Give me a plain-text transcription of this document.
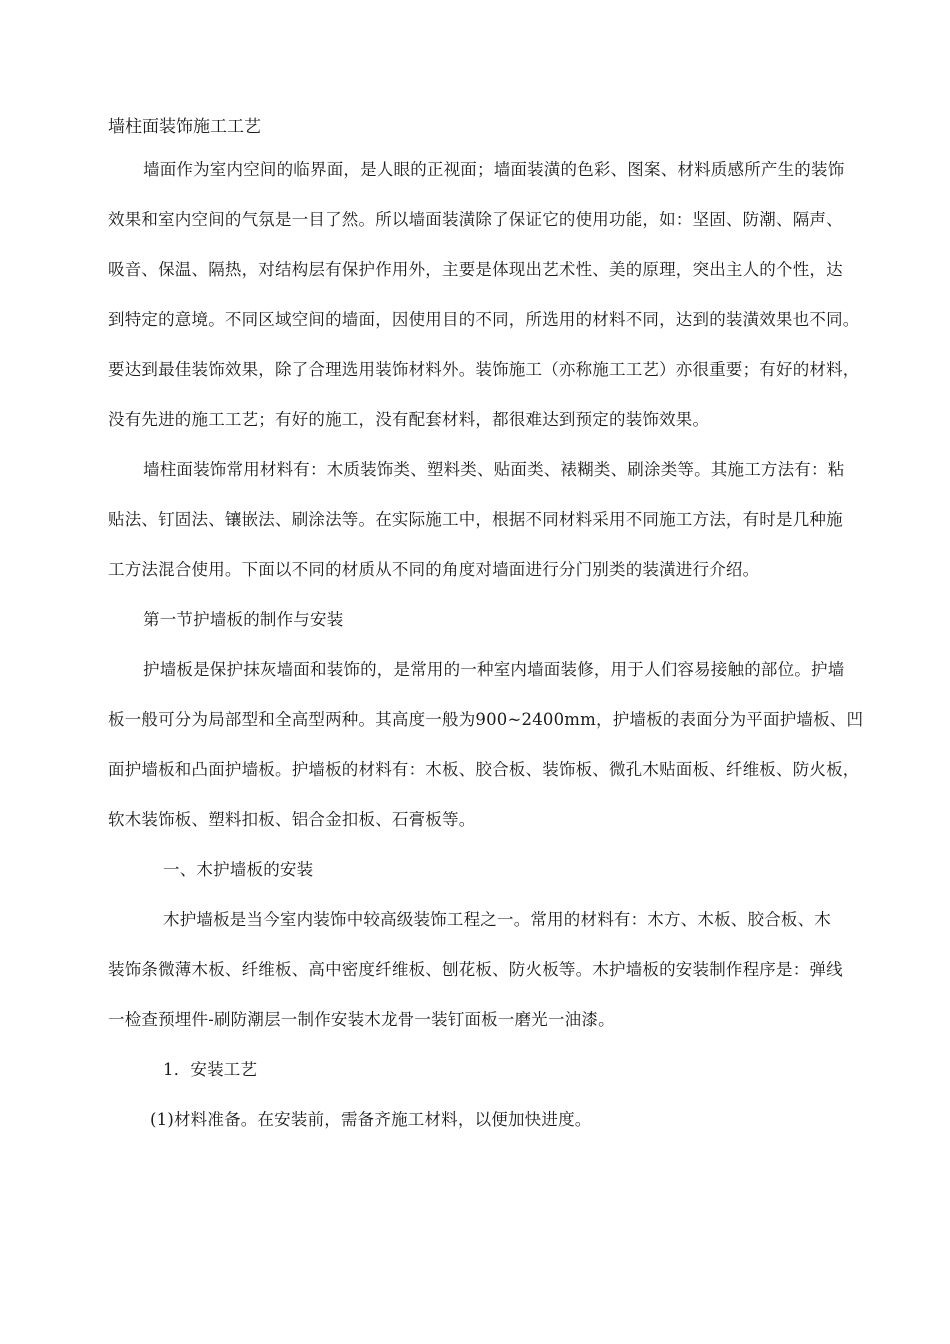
墙柱面装饰施工工艺
墙面作为室内空间的临界面，是人眼的正视面；墙面装潢的色彩、图案、材料质感所产生的装饰
效果和室内空间的气氛是一目了然。所以墙面装潢除了保证它的使用功能，如：坚固、防潮、隔声、
吸音、保温、隔热，对结构层有保护作用外，主要是体现出艺术性、美的原理，突出主人的个性，达
到特定的意境。不同区域空间的墙面，因使用目的不同，所选用的材料不同，达到的装潢效果也不同。
要达到最佳装饰效果，除了合理选用装饰材料外。装饰施工（亦称施工工艺）亦很重要；有好的材料，
没有先进的施工工艺；有好的施工，没有配套材料，都很难达到预定的装饰效果。
墙柱面装饰常用材料有：木质装饰类、塑料类、贴面类、裱糊类、刷涂类等。其施工方法有：粘
贴法、钉固法、镶嵌法、刷涂法等。在实际施工中，根据不同材料采用不同施工方法，有时是几种施
工方法混合使用。下面以不同的材质从不同的角度对墙面进行分门别类的装潢进行介绍。
第一节护墙板的制作与安装
护墙板是保护抹灰墙面和装饰的，是常用的一种室内墙面装修，用于人们容易接触的部位。护墙
板一般可分为局部型和全高型两种。其高度一般为900~2400mm，护墙板的表面分为平面护墙板、凹
面护墙板和凸面护墙板。护墙板的材料有：木板、胶合板、装饰板、微孔木贴面板、纤维板、防火板，
软木装饰板、塑料扣板、铝合金扣板、石膏板等。
一、木护墙板的安装
木护墙板是当今室内装饰中较高级装饰工程之一。常用的材料有：木方、木板、胶合板、木
装饰条微薄木板、纤维板、高中密度纤维板、刨花板、防火板等。木护墙板的安装制作程序是：弹线
一检查预埋件-刷防潮层一制作安装木龙骨一装钉面板一磨光一油漆。
1．安装工艺
(1)材料准备。在安装前，需备齐施工材料，以便加快进度。
